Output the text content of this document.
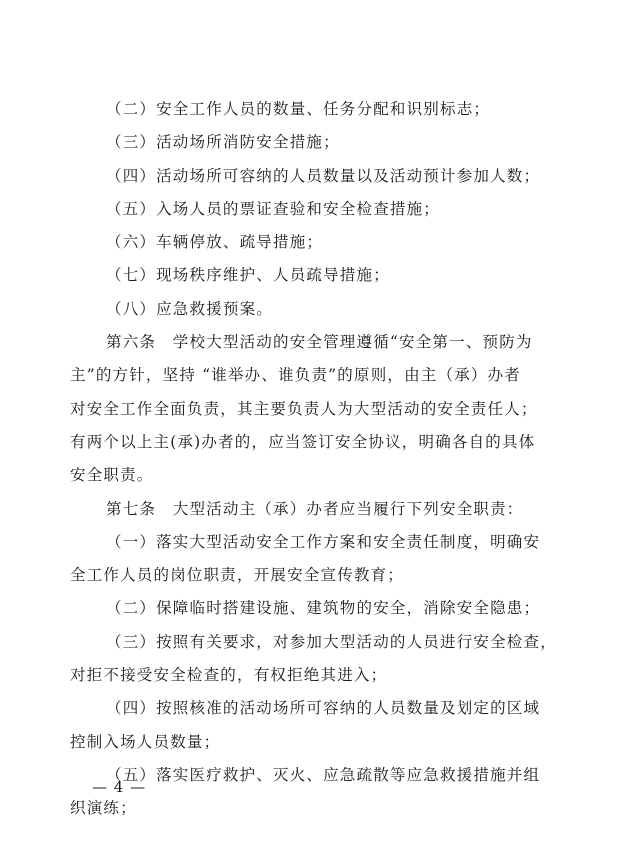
（二）安全工作人员的数量、任务分配和识别标志；
（三）活动场所消防安全措施；
（四）活动场所可容纳的人员数量以及活动预计参加人数；
（五）入场人员的票证查验和安全检查措施；
（六）车辆停放、疏导措施；
（七）现场秩序维护、人员疏导措施；
（八）应急救援预案。
第六条　学校大型活动的安全管理遵循“安全第一、预防为
主”的方针，坚持 “谁举办、谁负责”的原则，由主（承）办者
对安全工作全面负责，其主要负责人为大型活动的安全责任人；
有两个以上主(承)办者的，应当签订安全协议，明确各自的具体
安全职责。
第七条　大型活动主（承）办者应当履行下列安全职责：
（一）落实大型活动安全工作方案和安全责任制度，明确安
全工作人员的岗位职责，开展安全宣传教育；
（二）保障临时搭建设施、建筑物的安全，消除安全隐患；
（三）按照有关要求，对参加大型活动的人员进行安全检查，
对拒不接受安全检查的，有权拒绝其进入；
（四）按照核准的活动场所可容纳的人员数量及划定的区域
控制入场人员数量；
（五）落实医疗救护、灭火、应急疏散等应急救援措施并组
织演练；
— 4 —
